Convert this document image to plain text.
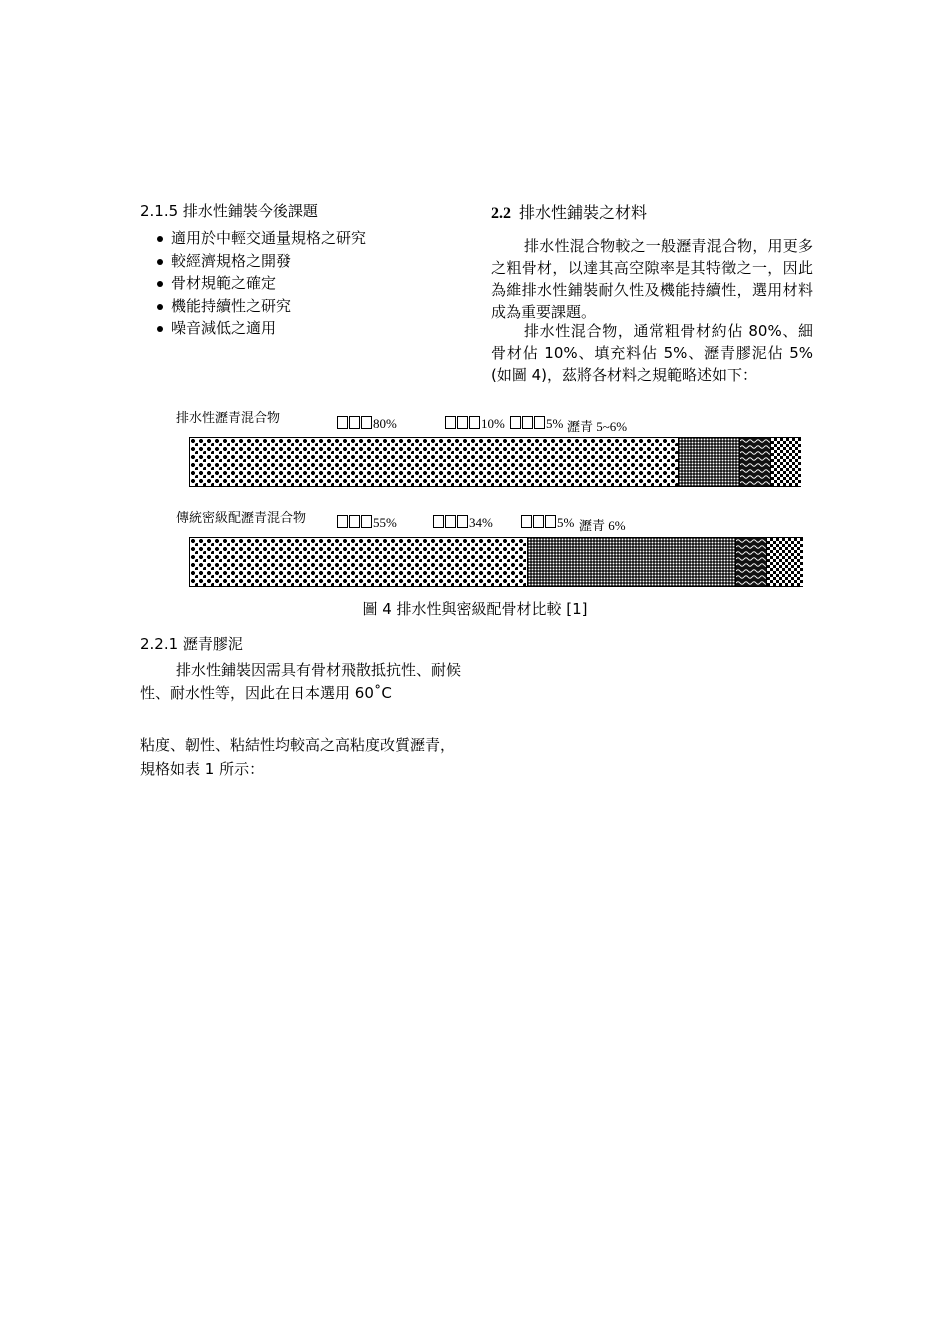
2.1.5 排水性鋪裝今後課題
適用於中輕交通量規格之研究
較經濟規格之開發
骨材規範之確定
機能持續性之研究
噪音減低之適用
2.2 排水性鋪裝之材料
排水性混合物較之一般瀝青混合物，用更多之粗骨材，以達其高空隙率是其特徵之一，因此為維排水性鋪裝耐久性及機能持續性，選用材料成為重要課題。
排水性混合物，通常粗骨材約佔 80%、細骨材佔 10%、填充料佔 5%、瀝青膠泥佔 5% (如圖 4)，茲將各材料之規範略述如下：
排水性瀝青混合物	80%	10%	5% 瀝青 5~6%
傳統密級配瀝青混合物	55%	34%	5% 瀝青 6%
圖 4 排水性與密級配骨材比較 [1]
2.2.1 瀝青膠泥
排水性鋪裝因需具有骨材飛散抵抗性、耐候性、耐水性等，因此在日本選用 60˚C
粘度、韌性、粘結性均較高之高粘度改質瀝青，規格如表 1 所示：
